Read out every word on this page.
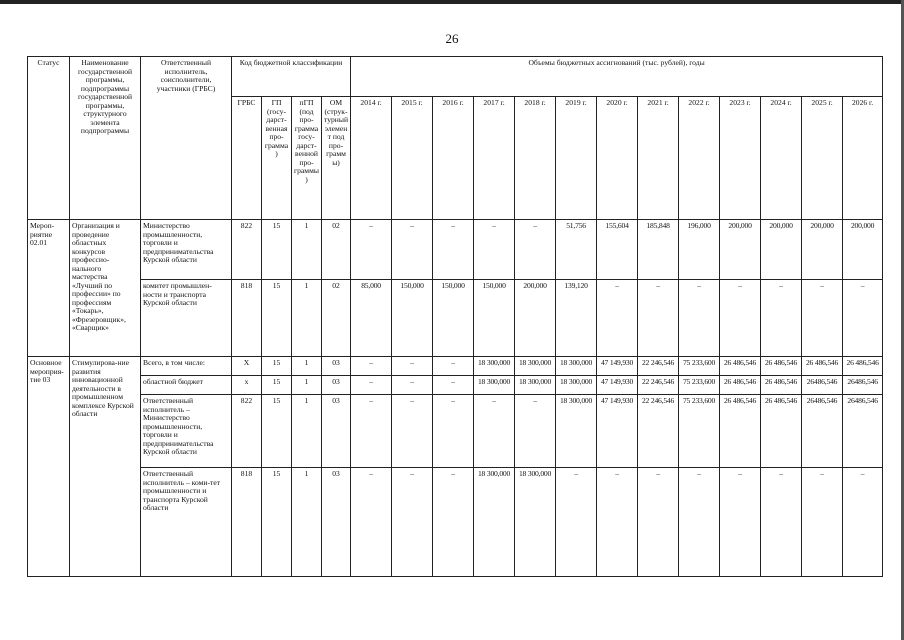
26
Статус	Наименование государственной программы, подпрограммы государственной программы, структурного элемента подпрограммы	Ответственный исполнитель, соисполнители, участники (ГРБС)	Код бюджетной классификации				Объемы бюджетных ассигнований (тыс. рублей), годы												
			ГРБС	ГП (госу-дарст-венная про-грамма)	пГП (под про-грамма госу-дарст-венной про-граммы)	ОМ (струк-турный элемент под про-граммы)	2014 г.	2015 г.	2016 г.	2017 г.	2018 г.	2019 г.	2020 г.	2021 г.	2022 г.	2023 г.	2024 г.	2025 г.	2026 г.
Мероп-риятие 02.01	Организация и проведение областных конкурсов профессио-нального мастерства «Лучший по профессии» по профессиям «Токарь», «Фрезеровщик», «Сварщик»	Министерство промышленности, торговли и предпринимательства Курской области	822	15	1	02	–	–	–	–	–	51,756	155,604	185,848	196,000	200,000	200,000	200,000	200,000
		комитет промышлен-ности и транспорта Курской области	818	15	1	02	85,000	150,000	150,000	150,000	200,000	139,120	–	–	–	–	–	–	–
Основное мероприя-тие 03	Стимулирова-ние развития инновационной деятельности в промышленном комплексе Курской области	Всего, в том числе:	Х	15	1	03	–	–	–	18 300,000	18 300,000	18 300,000	47 149,930	22 246,546	75 233,600	26 486,546	26 486,546	26 486,546	26 486,546
		областной бюджет	х	15	1	03	–	–	–	18 300,000	18 300,000	18 300,000	47 149,930	22 246,546	75 233,600	26 486,546	26 486,546	26486,546	26486,546
		Ответственный исполнитель – Министерство промышленности, торговли и предпринимательства Курской области	822	15	1	03	–	–	–	–	–	18 300,000	47 149,930	22 246,546	75 233,600	26 486,546	26 486,546	26486,546	26486,546
		Ответственный исполнитель – коми-тет промышленности и транспорта Курской области	818	15	1	03	–	–	–	18 300,000	18 300,000	–	–	–	–	–	–	–	–
